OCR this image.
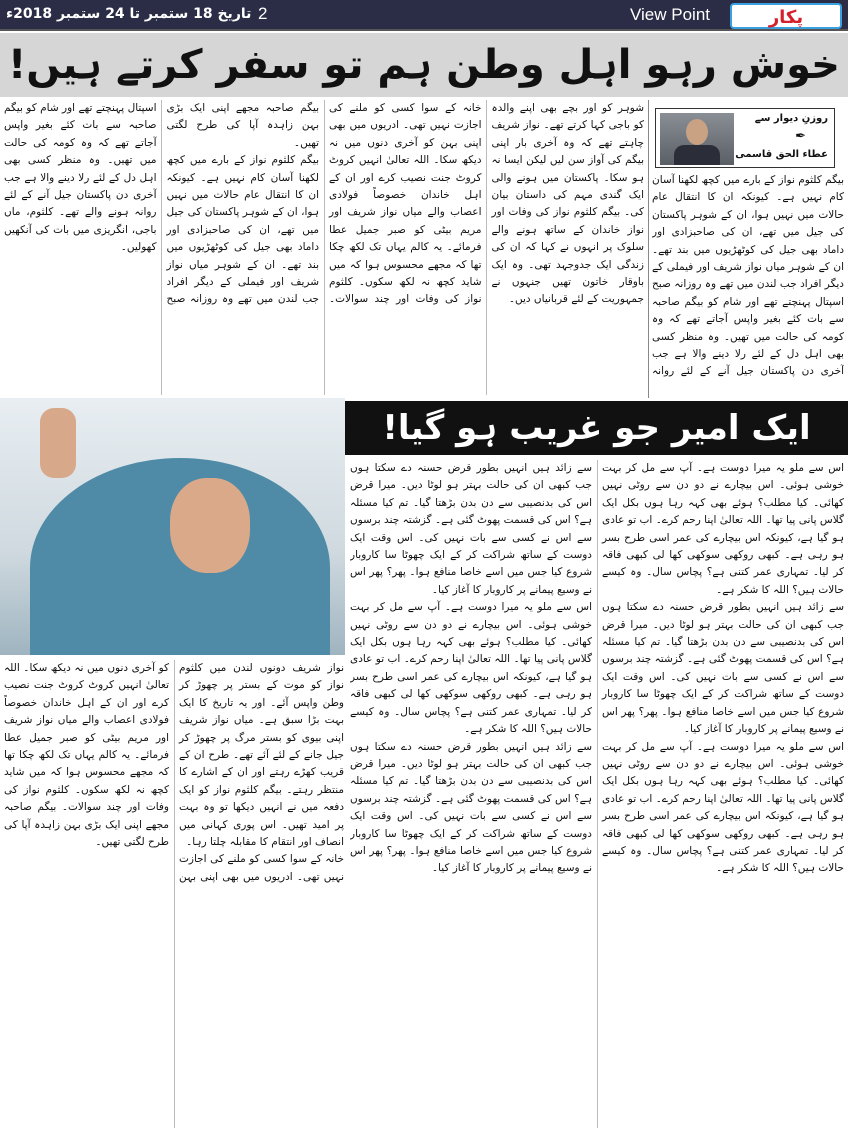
تاریخ 18 ستمبر تا 24 ستمبر 2018ء 2	View Point	پکار
خوش رہو اہل وطن ہم تو سفر کرتے ہیں!

شوہر کو اور بچے بھی اپنے والدہ کو باجی کہا کرتے تھے۔ نواز شریف چاہتے تھے کہ وہ آخری بار اپنی بیگم کی آواز سن لیں لیکن ایسا نہ ہو سکا۔ پاکستان میں ہونے والی ایک گندی مہم کی داستان بیان کی۔ بیگم کلثوم نواز کی وفات اور نواز خاندان کے ساتھ ہونے والے سلوک پر انہوں نے کہا کہ ان کی زندگی ایک جدوجہد تھی۔ وہ ایک باوقار خاتون تھیں جنہوں نے جمہوریت کے لئے قربانیاں دیں۔

خانہ کے سوا کسی کو ملنے کی اجازت نہیں تھی۔ ادریوں میں بھی اپنی بہن کو آخری دنوں میں نہ دیکھ سکا۔ اللہ تعالیٰ انہیں کروٹ کروٹ جنت نصیب کرے اور ان کے اہل خاندان خصوصاً فولادی اعصاب والے میاں نواز شریف اور مریم بیٹی کو صبر جمیل عطا فرمائے۔ یہ کالم یہاں تک لکھ چکا تھا کہ مجھے محسوس ہوا کہ میں شاید کچھ نہ لکھ سکوں۔ کلثوم نواز کی وفات اور چند سوالات۔ بیگم صاحبہ مجھے اپنی ایک بڑی بہن زاہدہ آپا کی طرح لگتی تھیں۔

بیگم کلثوم نواز کے بارے میں کچھ لکھنا آسان کام نہیں ہے۔ کیونکہ ان کا انتقال عام حالات میں نہیں ہوا، ان کے شوہر پاکستان کی جیل میں تھے، ان کی صاحبزادی اور داماد بھی جیل کی کوٹھڑیوں میں بند تھے۔ ان کے شوہر میاں نواز شریف اور فیملی کے دیگر افراد جب لندن میں تھے وہ روزانہ صبح اسپتال پہنچتے تھے اور شام کو بیگم صاحبہ سے بات کئے بغیر واپس آجاتے تھے کہ وہ کومہ کی حالت میں تھیں۔ وہ منظر کسی بھی اہل دل کے لئے رلا دینے والا ہے جب آخری دن پاکستان جیل آنے کے لئے روانہ ہونے والے تھے۔ کلثوم، ماں باجی، انگریزی میں بات کی آنکھیں کھولیں۔

روزنِ دیوار سے
✒
عطاء الحق قاسمی

بیگم کلثوم نواز کے بارے میں کچھ لکھنا آسان کام نہیں ہے۔ کیونکہ ان کا انتقال عام حالات میں نہیں ہوا، ان کے شوہر پاکستان کی جیل میں تھے، ان کی صاحبزادی اور داماد بھی جیل کی کوٹھڑیوں میں بند تھے۔ ان کے شوہر میاں نواز شریف اور فیملی کے دیگر افراد جب لندن میں تھے وہ روزانہ صبح اسپتال پہنچتے تھے اور شام کو بیگم صاحبہ سے بات کئے بغیر واپس آجاتے تھے کہ وہ کومہ کی حالت میں تھیں۔ وہ منظر کسی بھی اہل دل کے لئے رلا دینے والا ہے جب آخری دن پاکستان جیل آنے کے لئے روانہ

ایک امیر جو غریب ہو گیا!

نواز شریف دونوں لندن میں کلثوم نواز کو موت کے بستر پر چھوڑ کر وطن واپس آئے۔ اور یہ تاریخ کا ایک بہت بڑا سبق ہے۔ میاں نواز شریف اپنی بیوی کو بستر مرگ پر چھوڑ کر جیل جانے کے لئے آئے تھے۔ طرح ان کے قریب کھڑے رہتے اور ان کے اشارے کا منتظر رہتے۔ بیگم کلثوم نواز کو ایک دفعہ میں نے انہیں دیکھا تو وہ بہت پر امید تھیں۔ اس پوری کہانی میں انصاف اور انتقام کا مقابلہ چلتا رہا۔

خانہ کے سوا کسی کو ملنے کی اجازت نہیں تھی۔ ادریوں میں بھی اپنی بہن کو آخری دنوں میں نہ دیکھ سکا۔ اللہ تعالیٰ انہیں کروٹ کروٹ جنت نصیب کرے اور ان کے اہل خاندان خصوصاً فولادی اعصاب والے میاں نواز شریف اور مریم بیٹی کو صبر جمیل عطا فرمائے۔ یہ کالم یہاں تک لکھ چکا تھا کہ مجھے محسوس ہوا کہ میں شاید کچھ نہ لکھ سکوں۔ کلثوم نواز کی وفات اور چند سوالات۔ بیگم صاحبہ مجھے اپنی ایک بڑی بہن زاہدہ آپا کی طرح لگتی تھیں۔

اس سے ملو یہ میرا دوست ہے۔ آپ سے مل کر بہت خوشی ہوئی۔ اس بیچارے نے دو دن سے روٹی نہیں کھائی۔ کیا مطلب؟ ہوئے بھی کہہ رہا ہوں بکل ایک گلاس پانی پیا تھا۔ اللہ تعالیٰ اپنا رحم کرے۔ اب تو عادی ہو گیا ہے، کیونکہ اس بیچارے کی عمر اسی طرح بسر ہو رہی ہے۔ کبھی روکھی سوکھی کھا لی کبھی فاقہ کر لیا۔ تمہاری عمر کتنی ہے؟ پچاس سال۔ وہ کیسے حالات ہیں؟ اللہ کا شکر ہے۔

سے زائد ہیں انہیں بطور قرض حسنہ دے سکتا ہوں جب کبھی ان کی حالت بہتر ہو لوٹا دیں۔ میرا قرض اس کی بدنصیبی سے دن بدن بڑھتا گیا۔ تم کیا مسئلہ ہے؟ اس کی قسمت پھوٹ گئی ہے۔ گزشتہ چند برسوں سے اس نے کسی سے بات نہیں کی۔ اس وقت ایک دوست کے ساتھ شراکت کر کے ایک چھوٹا سا کاروبار شروع کیا جس میں اسے خاصا منافع ہوا۔ پھر؟ پھر اس نے وسیع پیمانے پر کاروبار کا آغاز کیا۔

اس سے ملو یہ میرا دوست ہے۔ آپ سے مل کر بہت خوشی ہوئی۔ اس بیچارے نے دو دن سے روٹی نہیں کھائی۔ کیا مطلب؟ ہوئے بھی کہہ رہا ہوں بکل ایک گلاس پانی پیا تھا۔ اللہ تعالیٰ اپنا رحم کرے۔ اب تو عادی ہو گیا ہے، کیونکہ اس بیچارے کی عمر اسی طرح بسر ہو رہی ہے۔ کبھی روکھی سوکھی کھا لی کبھی فاقہ کر لیا۔ تمہاری عمر کتنی ہے؟ پچاس سال۔ وہ کیسے حالات ہیں؟ اللہ کا شکر ہے۔

سے زائد ہیں انہیں بطور قرض حسنہ دے سکتا ہوں جب کبھی ان کی حالت بہتر ہو لوٹا دیں۔ میرا قرض اس کی بدنصیبی سے دن بدن بڑھتا گیا۔ تم کیا مسئلہ ہے؟ اس کی قسمت پھوٹ گئی ہے۔ گزشتہ چند برسوں سے اس نے کسی سے بات نہیں کی۔ اس وقت ایک دوست کے ساتھ شراکت کر کے ایک چھوٹا سا کاروبار شروع کیا جس میں اسے خاصا منافع ہوا۔ پھر؟ پھر اس نے وسیع پیمانے پر کاروبار کا آغاز کیا۔

اس سے ملو یہ میرا دوست ہے۔ آپ سے مل کر بہت خوشی ہوئی۔ اس بیچارے نے دو دن سے روٹی نہیں کھائی۔ کیا مطلب؟ ہوئے بھی کہہ رہا ہوں بکل ایک گلاس پانی پیا تھا۔ اللہ تعالیٰ اپنا رحم کرے۔ اب تو عادی ہو گیا ہے، کیونکہ اس بیچارے کی عمر اسی طرح بسر ہو رہی ہے۔ کبھی روکھی سوکھی کھا لی کبھی فاقہ کر لیا۔ تمہاری عمر کتنی ہے؟ پچاس سال۔ وہ کیسے حالات ہیں؟ اللہ کا شکر ہے۔

سے زائد ہیں انہیں بطور قرض حسنہ دے سکتا ہوں جب کبھی ان کی حالت بہتر ہو لوٹا دیں۔ میرا قرض اس کی بدنصیبی سے دن بدن بڑھتا گیا۔ تم کیا مسئلہ ہے؟ اس کی قسمت پھوٹ گئی ہے۔ گزشتہ چند برسوں سے اس نے کسی سے بات نہیں کی۔ اس وقت ایک دوست کے ساتھ شراکت کر کے ایک چھوٹا سا کاروبار شروع کیا جس میں اسے خاصا منافع ہوا۔ پھر؟ پھر اس نے وسیع پیمانے پر کاروبار کا آغاز کیا۔
